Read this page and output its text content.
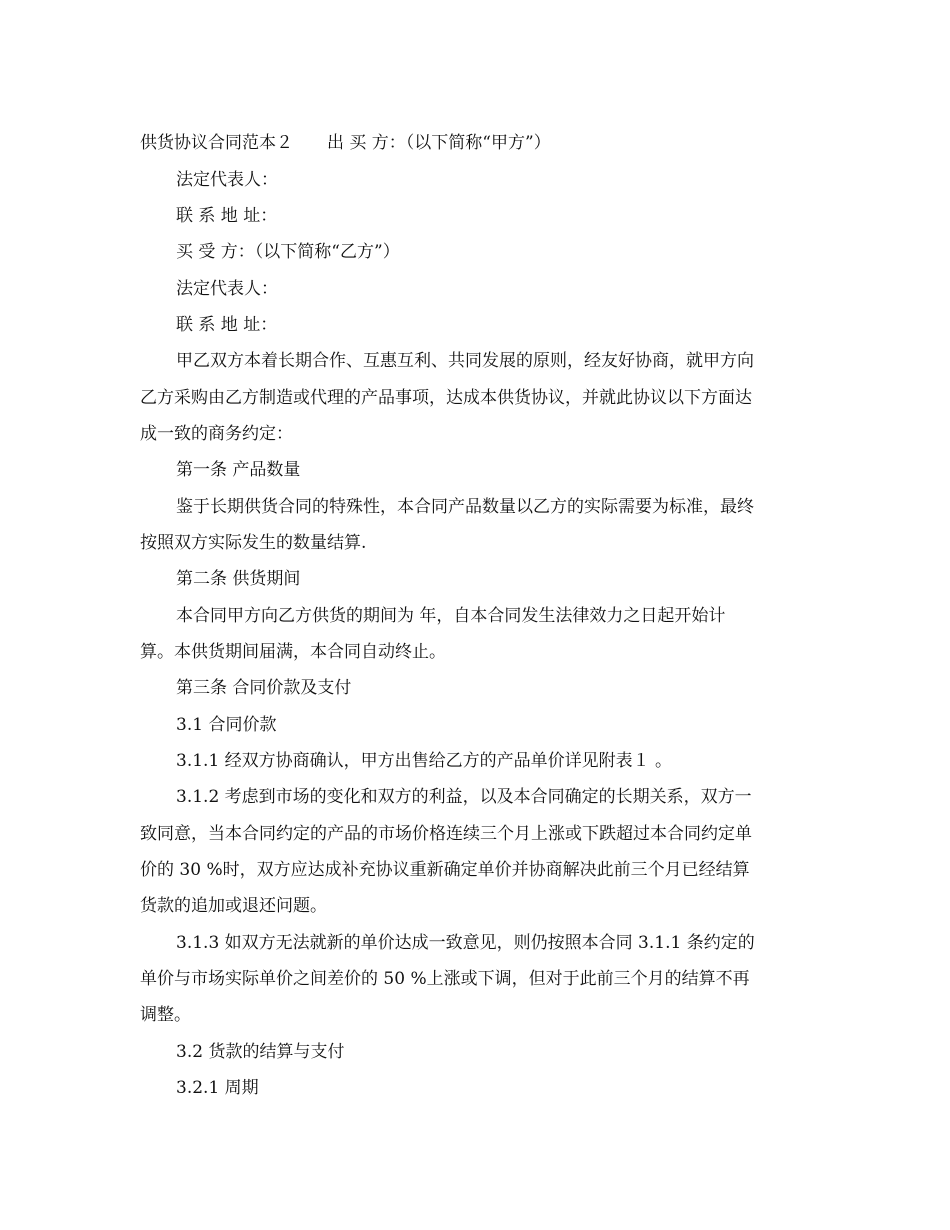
供货协议合同范本２ 出 买 方：（以下简称“甲方”）
法定代表人：
联 系 地 址：
买 受 方：（以下简称“乙方”）
法定代表人：
联 系 地 址：
甲乙双方本着长期合作、互惠互利、共同发展的原则，经友好协商，就甲方向
乙方采购由乙方制造或代理的产品事项，达成本供货协议，并就此协议以下方面达
成一致的商务约定：
第一条 产品数量
鉴于长期供货合同的特殊性，本合同产品数量以乙方的实际需要为标准，最终
按照双方实际发生的数量结算.
第二条 供货期间
本合同甲方向乙方供货的期间为 年，自本合同发生法律效力之日起开始计
算。本供货期间届满，本合同自动终止。
第三条 合同价款及支付
3.1 合同价款
3.1.1 经双方协商确认，甲方出售给乙方的产品单价详见附表１ 。
3.1.2 考虑到市场的变化和双方的利益，以及本合同确定的长期关系，双方一
致同意，当本合同约定的产品的市场价格连续三个月上涨或下跌超过本合同约定单
价的 30 %时，双方应达成补充协议重新确定单价并协商解决此前三个月已经结算
货款的追加或退还问题。
3.1.3 如双方无法就新的单价达成一致意见，则仍按照本合同 3.1.1 条约定的
单价与市场实际单价之间差价的 50 %上涨或下调，但对于此前三个月的结算不再
调整。
3.2 货款的结算与支付
3.2.1 周期
